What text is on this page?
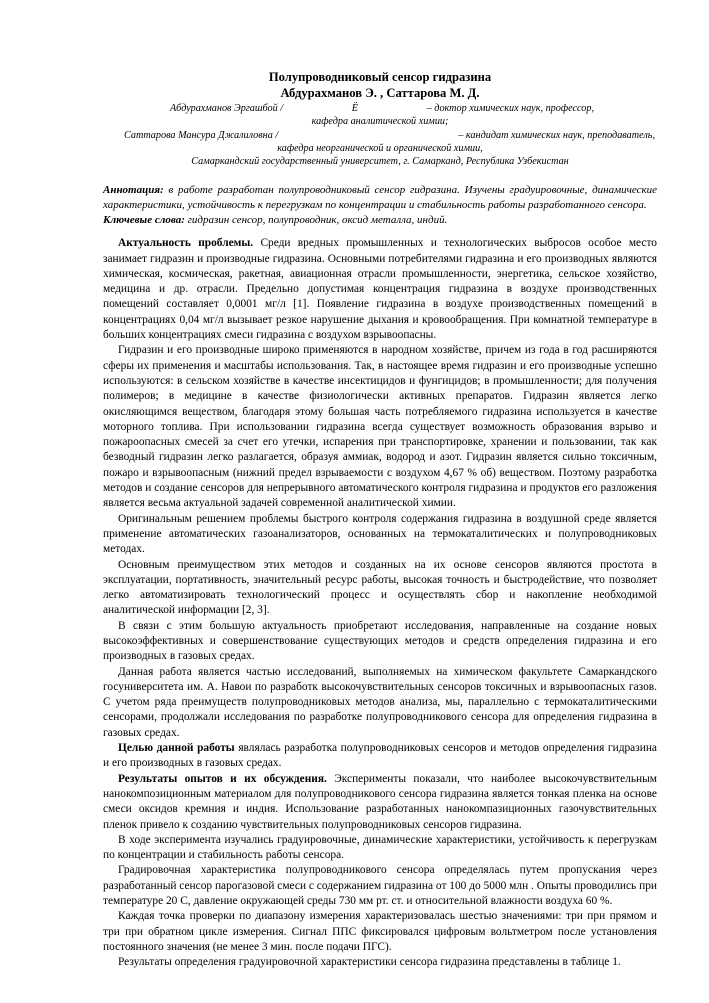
Полупроводниковый сенсор гидразина
Абдурахманов Э. , Саттарова М. Д.
Абдурахманов Эргашбой /	Ë	– доктор химических наук, профессор,
кафедра аналитической химии;
Саттарова Мансура Джалиловна /	– кандидат химических наук, преподаватель,
кафедра неорганической и органической химии,
Самаркандский государственный университет, г. Самарканд, Республика Узбекистан
Аннотация: в работе разработан полупроводниковый сенсор гидразина. Изучены градуировочные, динамические характеристики, устойчивость к перегрузкам по концентрации и стабильность работы разработанного сенсора.
Ключевые слова: гидразин сенсор, полупроводник, оксид металла, индий.

Актуальность проблемы. Среди вредных промышленных и технологических выбросов особое место занимает гидразин и производные гидразина. Основными потребителями гидразина и его производных являются химическая, космическая, ракетная, авиационная отрасли промышленности, энергетика, сельское хозяйство, медицина и др. отрасли. Предельно допустимая концентрация гидразина в воздухе производственных помещений составляет 0,0001 мг/л [1]. Появление гидразина в воздухе производственных помещений в концентрациях 0,04 мг/л вызывает резкое нарушение дыхания и кровообращения. При комнатной температуре в больших концентрациях смеси гидразина с воздухом взрывоопасны.

Гидразин и его производные широко применяются в народном хозяйстве, причем из года в год расширяются сферы их применения и масштабы использования. Так, в настоящее время гидразин и его производные успешно используются: в сельском хозяйстве в качестве инсектицидов и фунгицидов; в промышленности; для получения полимеров; в медицине в качестве физиологически активных препаратов. Гидразин является легко окисляющимся веществом, благодаря этому большая часть потребляемого гидразина используется в качестве моторного топлива. При использовании гидразина всегда существует возможность образования взрыво и пожароопасных смесей за счет его утечки, испарения при транспортировке, хранении и пользовании, так как безводный гидразин легко разлагается, образуя аммиак, водород и азот. Гидразин является сильно токсичным, пожаро и взрывоопасным (нижний предел взрываемости с воздухом 4,67 % об) веществом. Поэтому разработка методов и создание сенсоров для непрерывного автоматического контроля гидразина и продуктов его разложения является весьма актуальной задачей современной аналитической химии.

Оригинальным решением проблемы быстрого контроля содержания гидразина в воздушной среде является применение автоматических газоанализаторов, основанных на термокаталитических и полупроводниковых методах.

Основным преимуществом этих методов и созданных на их основе сенсоров являются простота в эксплуатации, портативность, значительный ресурс работы, высокая точность и быстродействие, что позволяет легко автоматизировать технологический процесс и осуществлять сбор и накопление необходимой аналитической информации [2, 3].

В связи с этим большую актуальность приобретают исследования, направленные на создание новых высокоэффективных и совершенствование существующих методов и средств определения гидразина и его производных в газовых средах.

Данная работа является частью исследований, выполняемых на химическом факультете Самаркандского госуниверситета им. А. Навои по разработк высокочувствительных сенсоров токсичных и взрывоопасных газов. С учетом ряда преимуществ полупроводниковых методов анализа, мы, параллельно с термокаталитическими сенсорами, продолжали исследования по разработке полупроводникового сенсора для определения гидразина в газовых средах.

Целью данной работы являлась разработка полупроводниковых сенсоров и методов определения гидразина и его производных в газовых средах.

Результаты опытов и их обсуждения. Эксперименты показали, что наиболее высокочувствительным нанокомпозиционным материалом для полупроводникового сенсора гидразина является тонкая пленка на основе смеси оксидов кремния и индия. Использование разработанных нанокомпазиционных газочувствительных пленок привело к созданию чувствительных полупроводниковых сенсоров гидразина.

В ходе эксперимента изучались градуировочные, динамические характеристики, устойчивость к перегрузкам по концентрации и стабильность работы сенсора.

Градировочная характеристика полупроводникового сенсора определялась путем пропускания через разработанный сенсор парогазовой смеси с содержанием гидразина от 100 до 5000 млн . Опыты проводились при температуре 20 С, давление окружающей среды 730 мм рт. ст. и относительной влажности воздуха 60 %.

Каждая точка проверки по диапазону измерения характеризовалась шестью значениями: три при прямом и три при обратном цикле измерения. Сигнал ППС фиксировался цифровым вольтметром после установления постоянного значения (не менее 3 мин. после подачи ПГС).

Результаты определения градуировочной характеристики сенсора гидразина представлены в таблице 1.
